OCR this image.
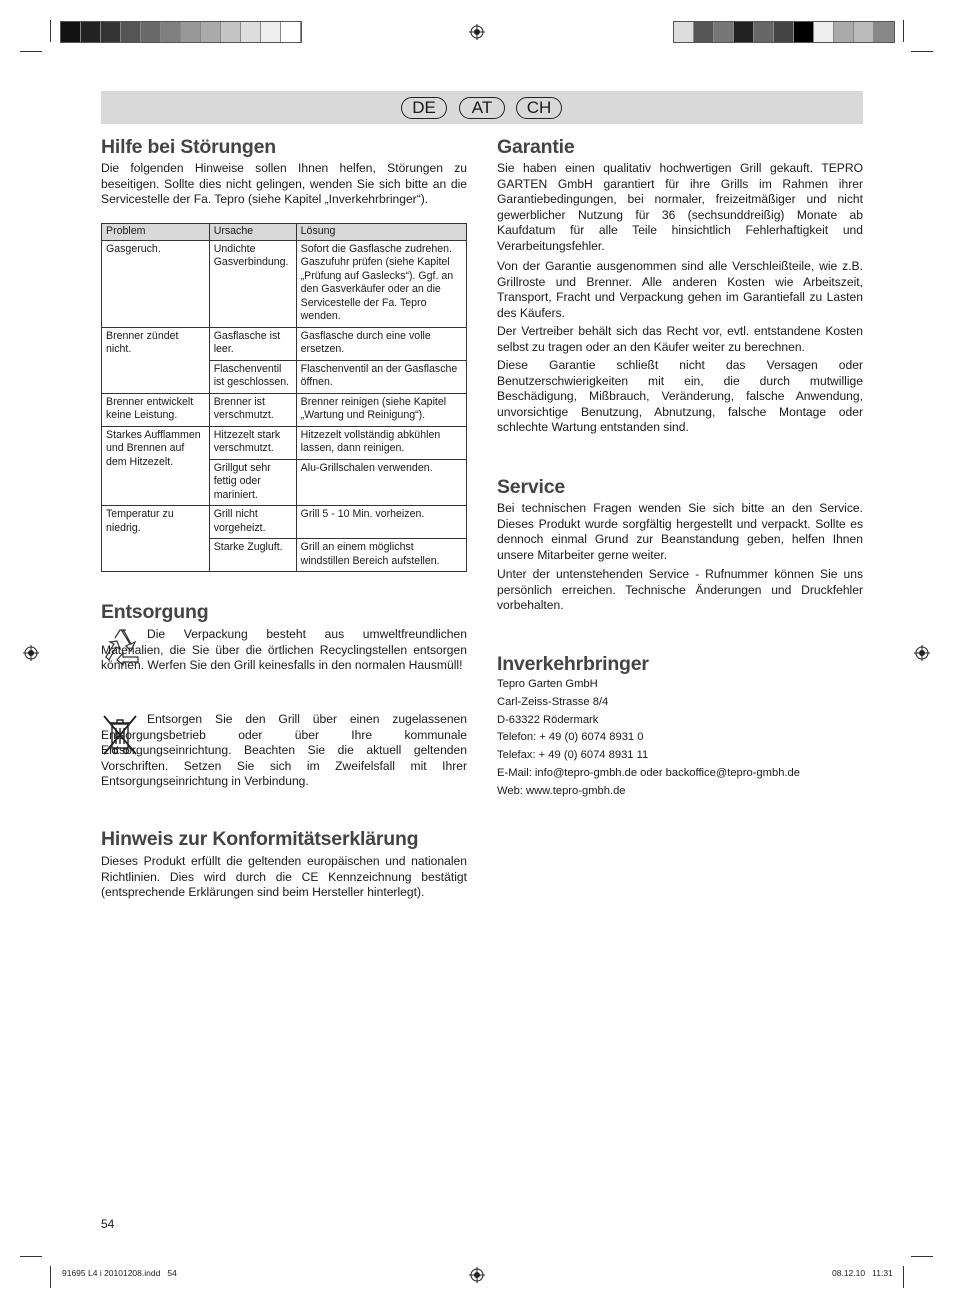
DE	AT	CH
Hilfe bei Störungen

Die folgenden Hinweise sollen Ihnen helfen, Störungen zu beseitigen. Sollte dies nicht gelingen, wenden Sie sich bitte an die Servicestelle der Fa. Tepro (siehe Kapitel „Inverkehrbringer“).

Problem	Ursache	Lösung
Gasgeruch.	Undichte Gasverbindung.	Sofort die Gasflasche zudrehen. Gaszufuhr prüfen (siehe Kapitel „Prüfung auf Gaslecks“). Ggf. an den Gasverkäufer oder an die Servicestelle der Fa. Tepro wenden.
Brenner zündet nicht.	Gasflasche ist leer.	Gasflasche durch eine volle ersetzen.
	Flaschenventil ist geschlossen.	Flaschenventil an der Gasflasche öffnen.
Brenner entwickelt keine Leistung.	Brenner ist verschmutzt.	Brenner reinigen (siehe Kapitel „Wartung und Reinigung“).
Starkes Aufflammen und Brennen auf dem Hitzezelt.	Hitzezelt stark verschmutzt.	Hitzezelt vollständig abkühlen lassen, dann reinigen.
	Grillgut sehr fettig oder mariniert.	Alu-Grillschalen verwenden.
Temperatur zu niedrig.	Grill nicht vorgeheizt.	Grill 5 - 10 Min. vorheizen.
	Starke Zugluft.	Grill an einem möglichst windstillen Bereich aufstellen.
Entsorgung

Die Verpackung besteht aus umweltfreundlichen Materialien, die Sie über die örtlichen Recyclingstellen entsorgen können. Werfen Sie den Grill keinesfalls in den normalen Hausmüll!

Entsorgen Sie den Grill über einen zugelassenen Entsorgungsbetrieb oder über Ihre kommunale Entsorgungseinrichtung. Beachten Sie die aktuell geltenden Vorschriften. Setzen Sie sich im Zweifelsfall mit Ihrer Entsorgungseinrichtung in Verbindung.

Hinweis zur Konformitätserklärung

Dieses Produkt erfüllt die geltenden europäischen und nationalen Richtlinien. Dies wird durch die CE Kennzeichnung bestätigt (entsprechende Erklärungen sind beim Hersteller hinterlegt).

Garantie

Sie haben einen qualitativ hochwertigen Grill gekauft. TEPRO GARTEN GmbH garantiert für ihre Grills im Rahmen ihrer Garantiebedingungen, bei normaler, freizeitmäßiger und nicht gewerblicher Nutzung für 36 (sechsunddreißig) Monate ab Kaufdatum für alle Teile hinsichtlich Fehlerhaftigkeit und Verarbeitungsfehler.

Von der Garantie ausgenommen sind alle Verschleißteile, wie z.B. Grillroste und Brenner. Alle anderen Kosten wie Arbeitszeit, Transport, Fracht und Verpackung gehen im Garantiefall zu Lasten des Käufers.

Der Vertreiber behält sich das Recht vor, evtl. entstandene Kosten selbst zu tragen oder an den Käufer weiter zu berechnen.

Diese Garantie schließt nicht das Versagen oder Benutzerschwierigkeiten mit ein, die durch mutwillige Beschädigung, Mißbrauch, Veränderung, falsche Anwendung, unvorsichtige Benutzung, Abnutzung, falsche Montage oder schlechte Wartung entstanden sind.

Service

Bei technischen Fragen wenden Sie sich bitte an den Service. Dieses Produkt wurde sorgfältig hergestellt und verpackt. Sollte es dennoch einmal Grund zur Beanstandung geben, helfen Ihnen unsere Mitarbeiter gerne weiter.

Unter der untenstehenden Service - Rufnummer können Sie uns persönlich erreichen. Technische Änderungen und Druckfehler vorbehalten.

Inverkehrbringer
Tepro Garten GmbH
Carl-Zeiss-Strasse 8/4
D-63322 Rödermark
Telefon: + 49 (0) 6074 8931 0
Telefax: + 49 (0) 6074 8931 11
E-Mail: info@tepro-gmbh.de oder backoffice@tepro-gmbh.de
Web: www.tepro-gmbh.de
54
91695 L4 i 20101208.indd   54	08.12.10   11:31
